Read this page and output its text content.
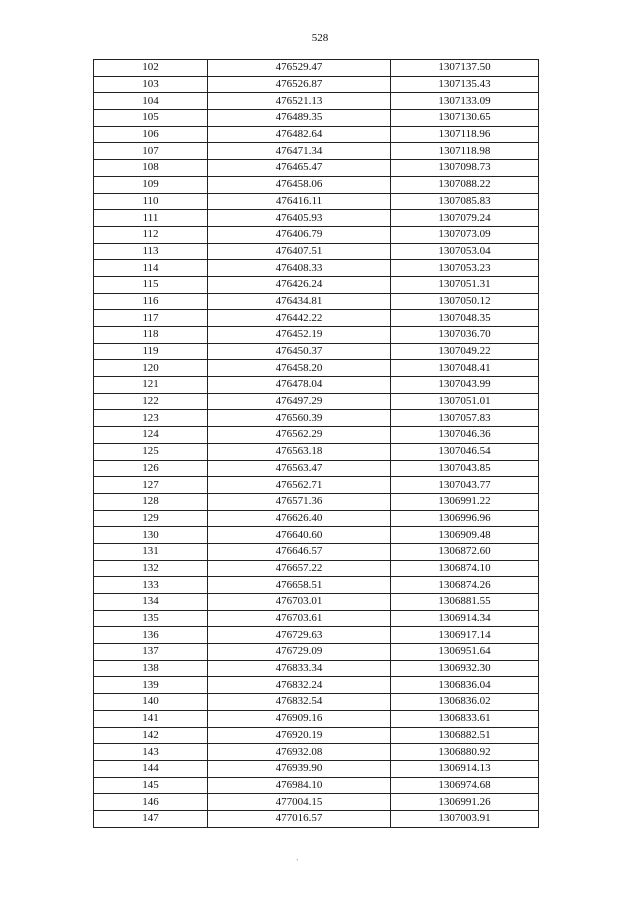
528
102	476529.47	1307137.50
103	476526.87	1307135.43
104	476521.13	1307133.09
105	476489.35	1307130.65
106	476482.64	1307118.96
107	476471.34	1307118.98
108	476465.47	1307098.73
109	476458.06	1307088.22
110	476416.11	1307085.83
111	476405.93	1307079.24
112	476406.79	1307073.09
113	476407.51	1307053.04
114	476408.33	1307053.23
115	476426.24	1307051.31
116	476434.81	1307050.12
117	476442.22	1307048.35
118	476452.19	1307036.70
119	476450.37	1307049.22
120	476458.20	1307048.41
121	476478.04	1307043.99
122	476497.29	1307051.01
123	476560.39	1307057.83
124	476562.29	1307046.36
125	476563.18	1307046.54
126	476563.47	1307043.85
127	476562.71	1307043.77
128	476571.36	1306991.22
129	476626.40	1306996.96
130	476640.60	1306909.48
131	476646.57	1306872.60
132	476657.22	1306874.10
133	476658.51	1306874.26
134	476703.01	1306881.55
135	476703.61	1306914.34
136	476729.63	1306917.14
137	476729.09	1306951.64
138	476833.34	1306932.30
139	476832.24	1306836.04
140	476832.54	1306836.02
141	476909.16	1306833.61
142	476920.19	1306882.51
143	476932.08	1306880.92
144	476939.90	1306914.13
145	476984.10	1306974.68
146	477004.15	1306991.26
147	477016.57	1307003.91
`
